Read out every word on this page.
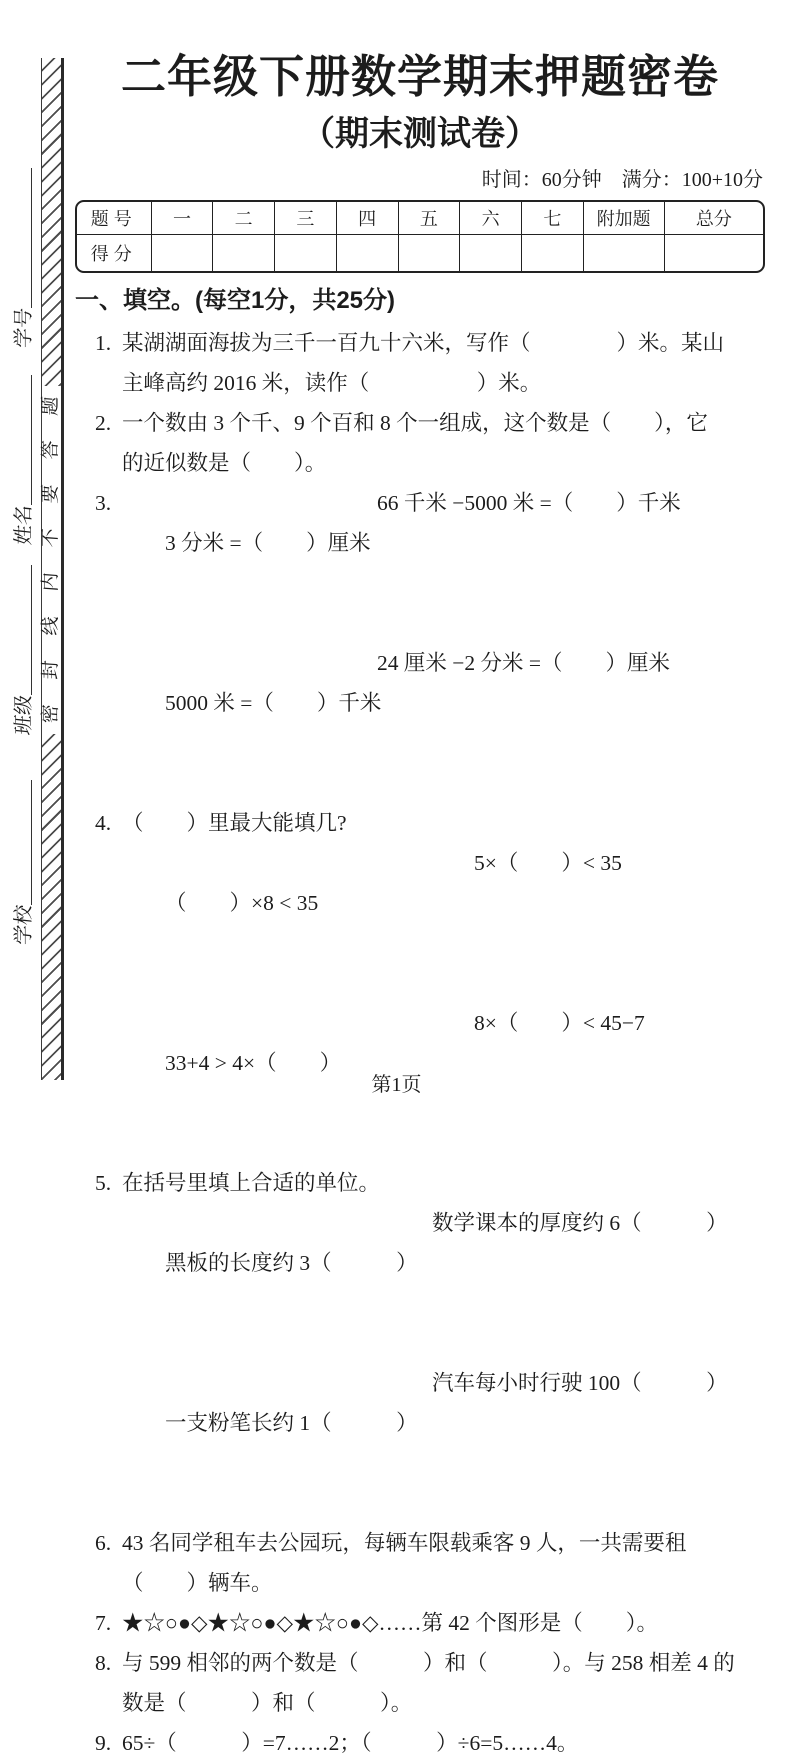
题
答
要
不
内
线
封
密
学号
姓名
班级
学校
二年级下册数学期末押题密卷
（期末测试卷）
时间：60分钟　满分：100+10分
题号	一	二	三	四	五	六	七	附加题	总分
得分									
一、填空。(每空1分，共25分)
1. 某湖湖面海拔为三千一百九十六米，写作（　　　　）米。某山
主峰高约 2016 米，读作（　　　　　）米。
2. 一个数由 3 个千、9 个百和 8 个一组成，这个数是（　　），它
的近似数是（　　）。
3.

3 分米 =（　　）厘米

66 千米 −5000 米 =（　　）千米

5000 米 =（　　）千米

24 厘米 −2 分米 =（　　）厘米

4. （　　）里最大能填几?

（　　）×8 < 35

5×（　　）< 35

33+4 > 4×（　　）

8×（　　）< 45−7

5. 在括号里填上合适的单位。

黑板的长度约 3（　　　）

数学课本的厚度约 6（　　　）

一支粉笔长约 1（　　　）

汽车每小时行驶 100（　　　）

6. 43 名同学租车去公园玩，每辆车限载乘客 9 人，一共需要租
（　　）辆车。
7. ★☆○●◇★☆○●◇★☆○●◇……第 42 个图形是（　　）。
8. 与 599 相邻的两个数是（　　　）和（　　　）。与 258 相差 4 的
数是（　　　）和（　　　）。
9. 65÷（　　　）=7……2；（　　　）÷6=5……4。
第1页
